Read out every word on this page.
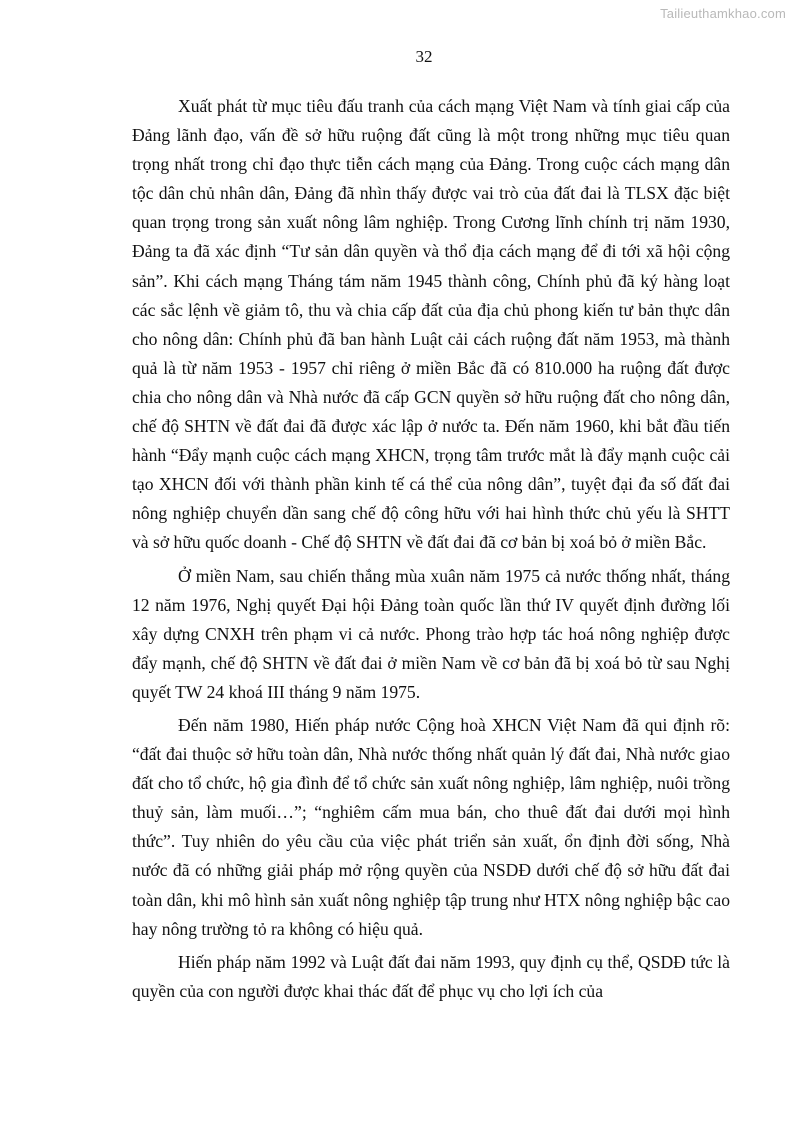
Tailieuthamkhao.com
32

Xuất phát từ mục tiêu đấu tranh của cách mạng Việt Nam và tính giai cấp của Đảng lãnh đạo, vấn đề sở hữu ruộng đất cũng là một trong những mục tiêu quan trọng nhất trong chỉ đạo thực tiễn cách mạng của Đảng. Trong cuộc cách mạng dân tộc dân chủ nhân dân, Đảng đã nhìn thấy được vai trò của đất đai là TLSX đặc biệt quan trọng trong sản xuất nông lâm nghiệp. Trong Cương lĩnh chính trị năm 1930, Đảng ta đã xác định “Tư sản dân quyền và thổ địa cách mạng để đi tới xã hội cộng sản”. Khi cách mạng Tháng tám năm 1945 thành công, Chính phủ đã ký hàng loạt các sắc lệnh về giảm tô, thu và chia cấp đất của địa chủ phong kiến tư bản thực dân cho nông dân: Chính phủ đã ban hành Luật cải cách ruộng đất năm 1953, mà thành quả là từ năm 1953 - 1957 chỉ riêng ở miền Bắc đã có 810.000 ha ruộng đất được chia cho nông dân và Nhà nước đã cấp GCN quyền sở hữu ruộng đất cho nông dân, chế độ SHTN về đất đai đã được xác lập ở nước ta. Đến năm 1960, khi bắt đầu tiến hành “Đẩy mạnh cuộc cách mạng XHCN, trọng tâm trước mắt là đẩy mạnh cuộc cải tạo XHCN đối với thành phần kinh tế cá thể của nông dân”, tuyệt đại đa số đất đai nông nghiệp chuyển dần sang chế độ công hữu với hai hình thức chủ yếu là SHTT và sở hữu quốc doanh - Chế độ SHTN về đất đai đã cơ bản bị xoá bỏ ở miền Bắc.

Ở miền Nam, sau chiến thắng mùa xuân năm 1975 cả nước thống nhất, tháng 12 năm 1976, Nghị quyết Đại hội Đảng toàn quốc lần thứ IV quyết định đường lối xây dựng CNXH trên phạm vi cả nước. Phong trào hợp tác hoá nông nghiệp được đẩy mạnh, chế độ SHTN về đất đai ở miền Nam về cơ bản đã bị xoá bỏ từ sau Nghị quyết TW 24 khoá III tháng 9 năm 1975.

Đến năm 1980, Hiến pháp nước Cộng hoà XHCN Việt Nam đã qui định rõ: “đất đai thuộc sở hữu toàn dân, Nhà nước thống nhất quản lý đất đai, Nhà nước giao đất cho tổ chức, hộ gia đình để tổ chức sản xuất nông nghiệp, lâm nghiệp, nuôi trồng thuỷ sản, làm muối…”; “nghiêm cấm mua bán, cho thuê đất đai dưới mọi hình thức”. Tuy nhiên do yêu cầu của việc phát triển sản xuất, ổn định đời sống, Nhà nước đã có những giải pháp mở rộng quyền của NSDĐ dưới chế độ sở hữu đất đai toàn dân, khi mô hình sản xuất nông nghiệp tập trung như HTX nông nghiệp bậc cao hay nông trường tỏ ra không có hiệu quả.

Hiến pháp năm 1992 và Luật đất đai năm 1993, quy định cụ thể, QSDĐ tức là quyền của con người được khai thác đất để phục vụ cho lợi ích của
